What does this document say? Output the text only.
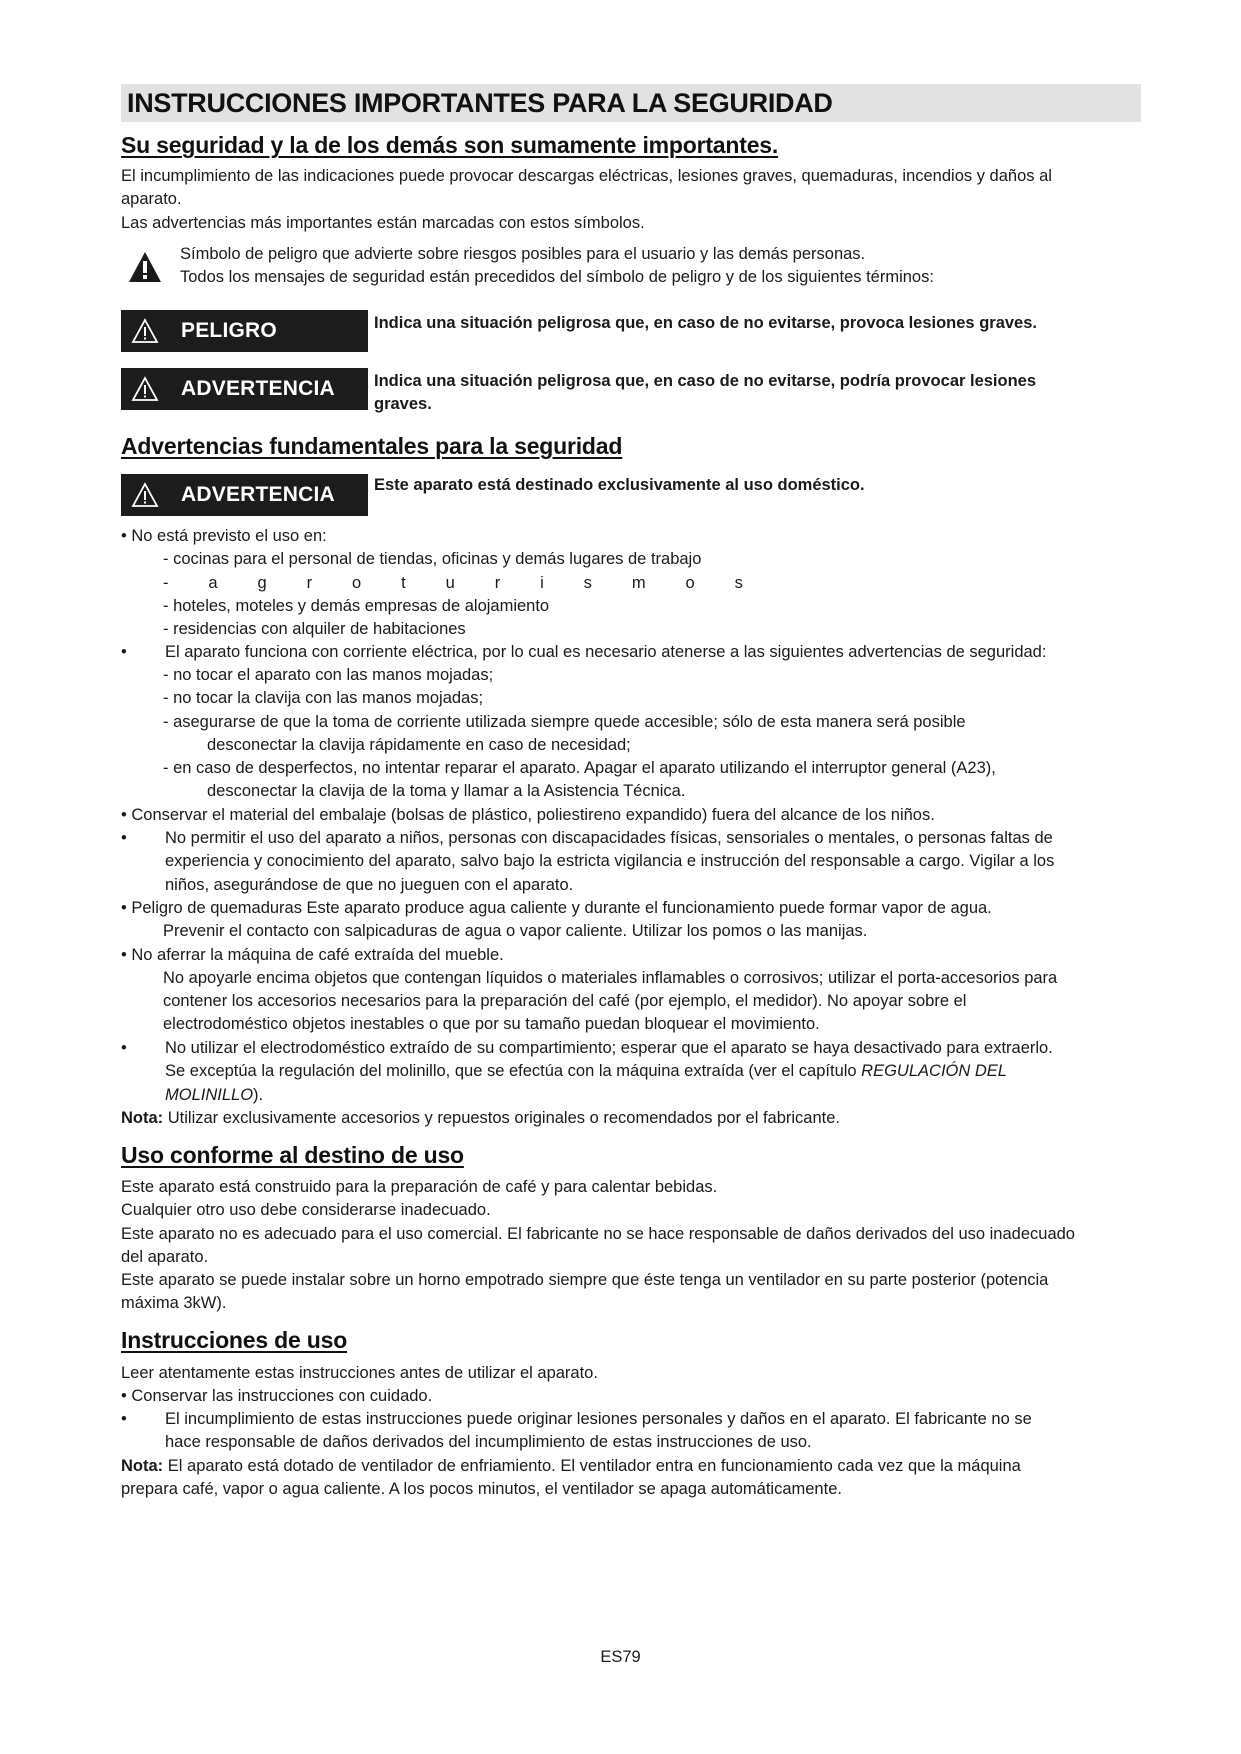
INSTRUCCIONES IMPORTANTES PARA LA SEGURIDAD
Su seguridad y la de los demás son sumamente importantes.
El incumplimiento de las indicaciones puede provocar descargas eléctricas, lesiones graves, quemaduras, incendios y daños al
aparato.
Las advertencias más importantes están marcadas con estos símbolos.
Símbolo de peligro que advierte sobre riesgos posibles para el usuario y las demás personas.
Todos los mensajes de seguridad están precedidos del símbolo de peligro y de los siguientes términos:
PELIGRO	Indica una situación peligrosa que, en caso de no evitarse, provoca lesiones graves.
ADVERTENCIA Indica una situación peligrosa que, en caso de no evitarse, podría provocar lesiones
graves.
Advertencias fundamentales para la seguridad
ADVERTENCIA Este aparato está destinado exclusivamente al uso doméstico.
• No está previsto el uso en:
- cocinas para el personal de tiendas, oficinas y demás lugares de trabajo
- a g r o t u r i s m o s
- hoteles, moteles y demás empresas de alojamiento
- residencias con alquiler de habitaciones
• El aparato funciona con corriente eléctrica, por lo cual es necesario atenerse a las siguientes advertencias de seguridad:
- no tocar el aparato con las manos mojadas;
- no tocar la clavija con las manos mojadas;
- asegurarse de que la toma de corriente utilizada siempre quede accesible; sólo de esta manera será posible
desconectar la clavija rápidamente en caso de necesidad;
- en caso de desperfectos, no intentar reparar el aparato. Apagar el aparato utilizando el interruptor general (A23),
desconectar la clavija de la toma y llamar a la Asistencia Técnica.
• Conservar el material del embalaje (bolsas de plástico, poliestireno expandido) fuera del alcance de los niños.
• No permitir el uso del aparato a niños, personas con discapacidades físicas, sensoriales o mentales, o personas faltas de
experiencia y conocimiento del aparato, salvo bajo la estricta vigilancia e instrucción del responsable a cargo. Vigilar a los
niños, asegurándose de que no jueguen con el aparato.
• Peligro de quemaduras Este aparato produce agua caliente y durante el funcionamiento puede formar vapor de agua.
Prevenir el contacto con salpicaduras de agua o vapor caliente. Utilizar los pomos o las manijas.
• No aferrar la máquina de café extraída del mueble.
No apoyarle encima objetos que contengan líquidos o materiales inflamables o corrosivos; utilizar el porta-accesorios para
contener los accesorios necesarios para la preparación del café (por ejemplo, el medidor). No apoyar sobre el
electrodoméstico objetos inestables o que por su tamaño puedan bloquear el movimiento.
• No utilizar el electrodoméstico extraído de su compartimiento; esperar que el aparato se haya desactivado para extraerlo.
Se exceptúa la regulación del molinillo, que se efectúa con la máquina extraída (ver el capítulo REGULACIÓN DEL
MOLINILLO).
Nota: Utilizar exclusivamente accesorios y repuestos originales o recomendados por el fabricante.
Uso conforme al destino de uso
Este aparato está construido para la preparación de café y para calentar bebidas.
Cualquier otro uso debe considerarse inadecuado.
Este aparato no es adecuado para el uso comercial. El fabricante no se hace responsable de daños derivados del uso inadecuado
del aparato.
Este aparato se puede instalar sobre un horno empotrado siempre que éste tenga un ventilador en su parte posterior (potencia
máxima 3kW).
Instrucciones de uso
Leer atentamente estas instrucciones antes de utilizar el aparato.
• Conservar las instrucciones con cuidado.
• El incumplimiento de estas instrucciones puede originar lesiones personales y daños en el aparato. El fabricante no se
hace responsable de daños derivados del incumplimiento de estas instrucciones de uso.
Nota: El aparato está dotado de ventilador de enfriamiento. El ventilador entra en funcionamiento cada vez que la máquina
prepara café, vapor o agua caliente. A los pocos minutos, el ventilador se apaga automáticamente.
ES79
